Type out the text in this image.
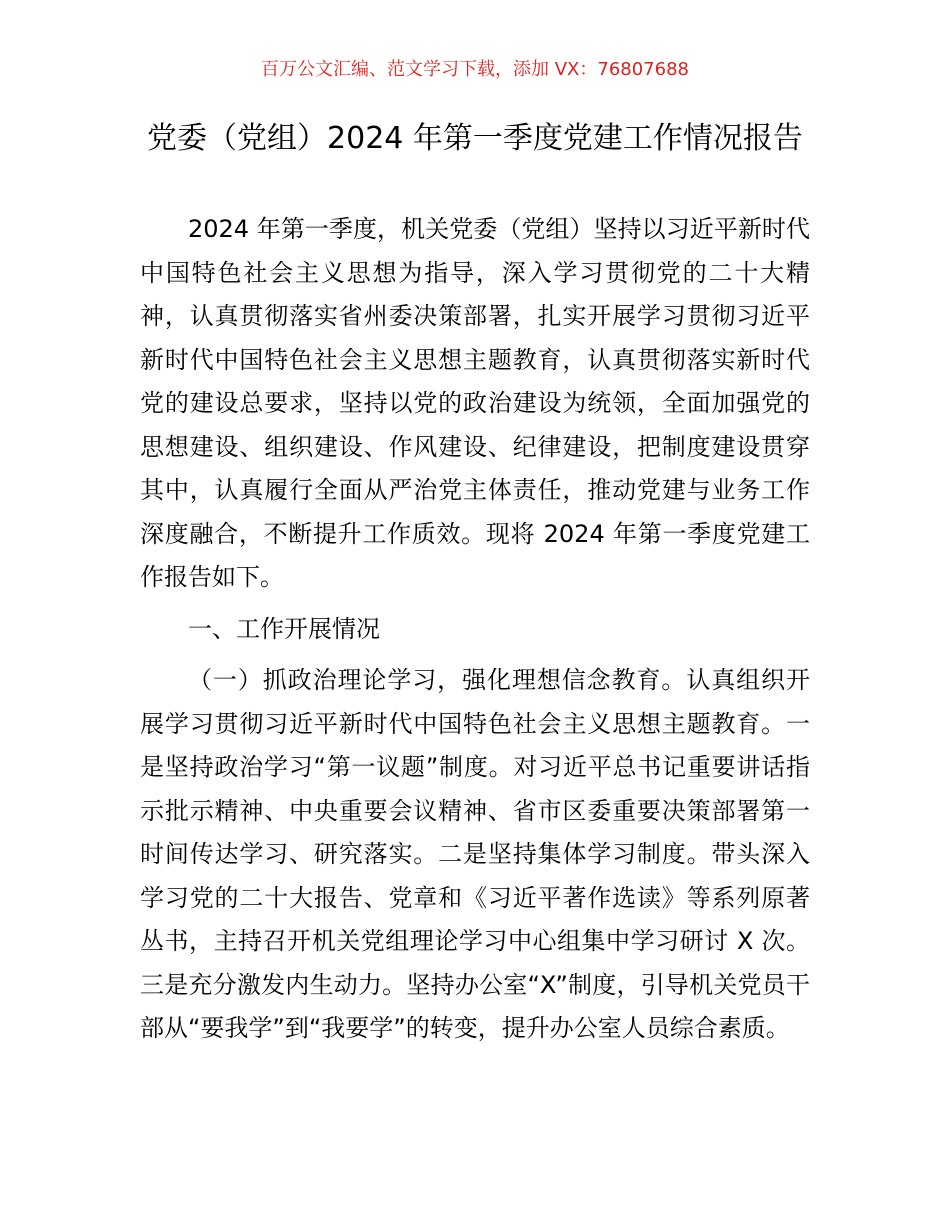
百万公文汇编、范文学习下载，添加 VX：76807688
党委（党组）2024 年第一季度党建工作情况报告

2024 年第一季度，机关党委（党组）坚持以习近平新时代中国特色社会主义思想为指导，深入学习贯彻党的二十大精神，认真贯彻落实省州委决策部署，扎实开展学习贯彻习近平新时代中国特色社会主义思想主题教育，认真贯彻落实新时代党的建设总要求，坚持以党的政治建设为统领，全面加强党的思想建设、组织建设、作风建设、纪律建设，把制度建设贯穿其中，认真履行全面从严治党主体责任，推动党建与业务工作深度融合，不断提升工作质效。现将 2024 年第一季度党建工作报告如下。

一、工作开展情况

（一）抓政治理论学习，强化理想信念教育。认真组织开展学习贯彻习近平新时代中国特色社会主义思想主题教育。一是坚持政治学习“第一议题”制度。对习近平总书记重要讲话指示批示精神、中央重要会议精神、省市区委重要决策部署第一时间传达学习、研究落实。二是坚持集体学习制度。带头深入学习党的二十大报告、党章和《习近平著作选读》等系列原著丛书，主持召开机关党组理论学习中心组集中学习研讨 X 次。三是充分激发内生动力。坚持办公室“X”制度，引导机关党员干部从“要我学”到“我要学”的转变，提升办公室人员综合素质。
